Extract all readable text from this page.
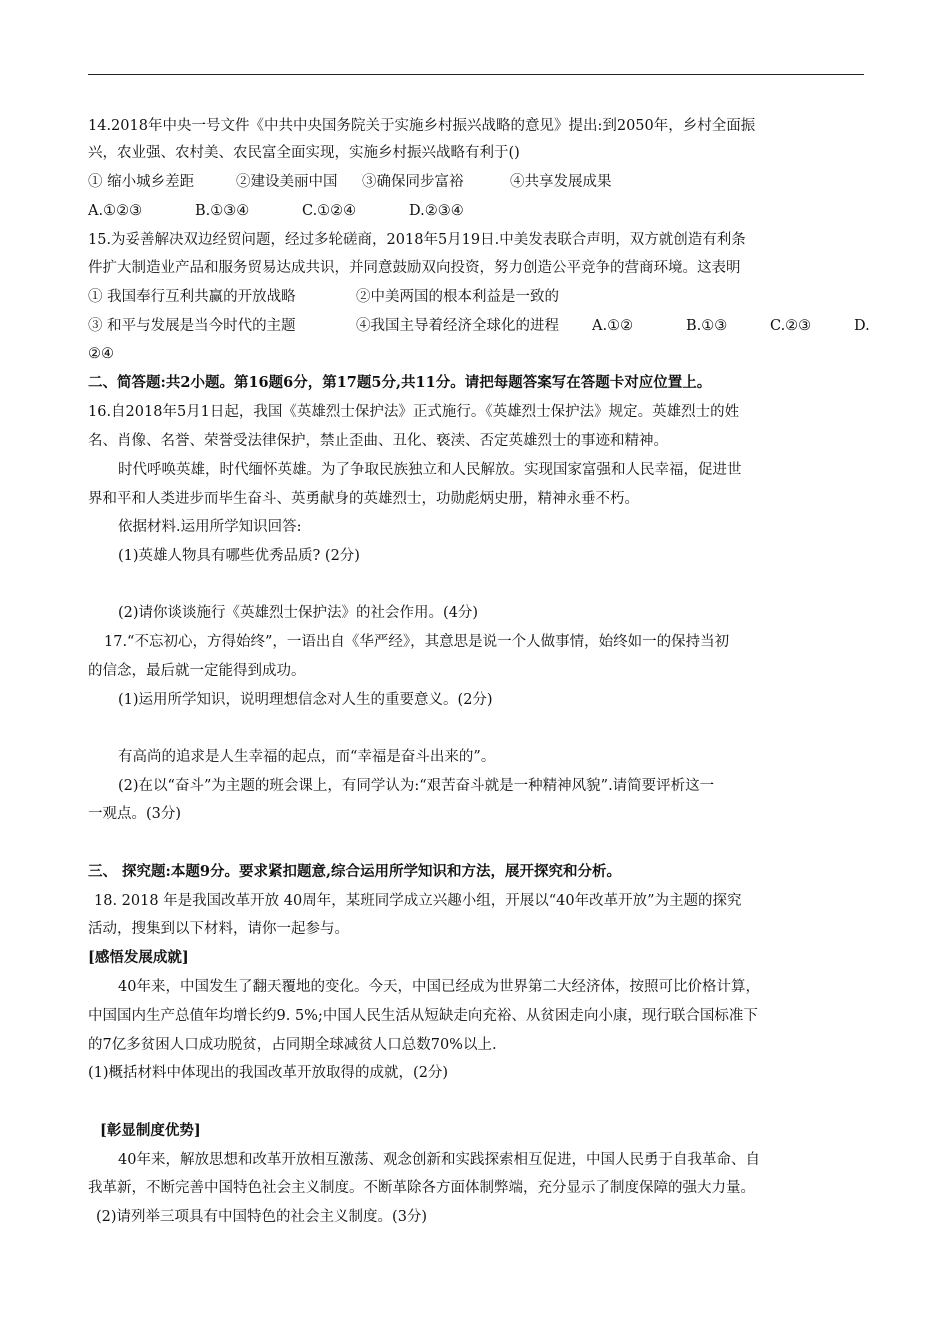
14.2018年中央一号文件《中共中央国务院关于实施乡村振兴战略的意见》提出:到2050年，乡村全面振
兴，农业强、农村美、农民富全面实现，实施乡村振兴战略有利于()
① 缩小城乡差距	②建设美丽中国 ③确保同步富裕	④共享发展成果
A.①②③	B.①③④	C.①②④	D.②③④
15.为妥善解决双边经贸问题，经过多轮磋商，2018年5月19日.中美发表联合声明，双方就创造有利条
件扩大制造业产品和服务贸易达成共识，并同意鼓励双向投资，努力创造公平竞争的营商环境。这表明
① 我国奉行互利共赢的开放战略	②中美两国的根本利益是一致的
③ 和平与发展是当今时代的主题	④我国主导着经济全球化的进程 A.①②	B.①③	C.②③	D.
②④
二、简答题:共2小题。第16题6分，第17题5分,共11分。请把每题答案写在答题卡对应位置上。
16.自2018年5月1日起，我国《英雄烈士保护法》正式施行。《英雄烈士保护法》规定。英雄烈士的姓
名、肖像、名誉、荣誉受法律保护，禁止歪曲、丑化、亵渎、否定英雄烈士的事迹和精神。
时代呼唤英雄，时代缅怀英雄。为了争取民族独立和人民解放。实现国家富强和人民幸福，促进世
界和平和人类进步而毕生奋斗、英勇献身的英雄烈士，功勋彪炳史册，精神永垂不朽。
依据材料.运用所学知识回答:
(1)英雄人物具有哪些优秀品质? (2分)
(2)请你谈谈施行《英雄烈士保护法》的社会作用。(4分)
17.“不忘初心，方得始终”，一语出自《华严经》，其意思是说一个人做事情，始终如一的保持当初
的信念，最后就一定能得到成功。
(1)运用所学知识，说明理想信念对人生的重要意义。(2分)
有高尚的追求是人生幸福的起点，而“幸福是奋斗出来的”。
(2)在以“奋斗”为主题的班会课上，有同学认为:“艰苦奋斗就是一种精神风貌”.请简要评析这一
一观点。(3分)
三、 探究题:本题9分。要求紧扣题意,综合运用所学知识和方法，展开探究和分析。
18. 2018 年是我国改革开放 40周年，某班同学成立兴趣小组，开展以“40年改革开放”为主题的探究
活动，搜集到以下材料，请你一起参与。
[感悟发展成就]
40年来，中国发生了翻天覆地的变化。今天，中国已经成为世界第二大经济体，按照可比价格计算，
中国国内生产总值年均增长约9. 5%;中国人民生活从短缺走向充裕、从贫困走向小康，现行联合国标准下
的7亿多贫困人口成功脱贫，占同期全球减贫人口总数70%以上.
(1)概括材料中体现出的我国改革开放取得的成就，(2分)
[彰显制度优势]
40年来，解放思想和改革开放相互激荡、观念创新和实践探索相互促进，中国人民勇于自我革命、自
我革新，不断完善中国特色社会主义制度。不断革除各方面体制弊端，充分显示了制度保障的强大力量。
(2)请列举三项具有中国特色的社会主义制度。(3分)
